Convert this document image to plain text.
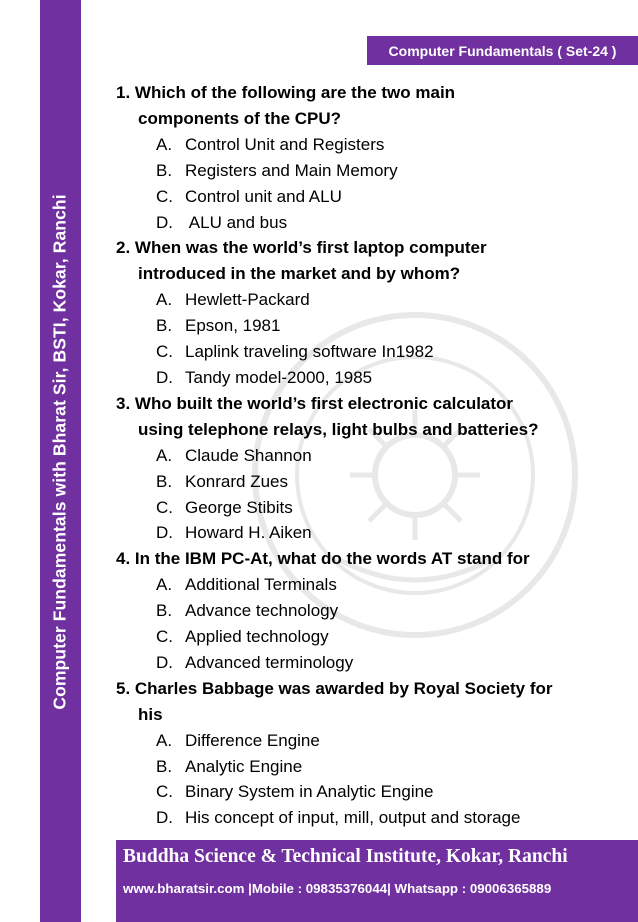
Computer Fundamentals with Bharat Sir, BSTI, Kokar, Ranchi
Computer Fundamentals ( Set-24 )
1. Which of the following are the two main
components of the CPU?
A. Control Unit and Registers
B. Registers and Main Memory
C. Control unit and ALU
D. ALU and bus
2. When was the world’s first laptop computer
introduced in the market and by whom?
A. Hewlett-Packard
B. Epson, 1981
C. Laplink traveling software In1982
D. Tandy model-2000, 1985
3. Who built the world’s first electronic calculator
using telephone relays, light bulbs and batteries?
A. Claude Shannon
B. Konrard Zues
C. George Stibits
D. Howard H. Aiken
4. In the IBM PC-At, what do the words AT stand for
A. Additional Terminals
B. Advance technology
C. Applied technology
D. Advanced terminology
5. Charles Babbage was awarded by Royal Society for
his
A. Difference Engine
B. Analytic Engine
C. Binary System in Analytic Engine
D. His concept of input, mill, output and storage
Buddha Science & Technical Institute, Kokar, Ranchi
www.bharatsir.com |Mobile : 09835376044| Whatsapp : 09006365889
